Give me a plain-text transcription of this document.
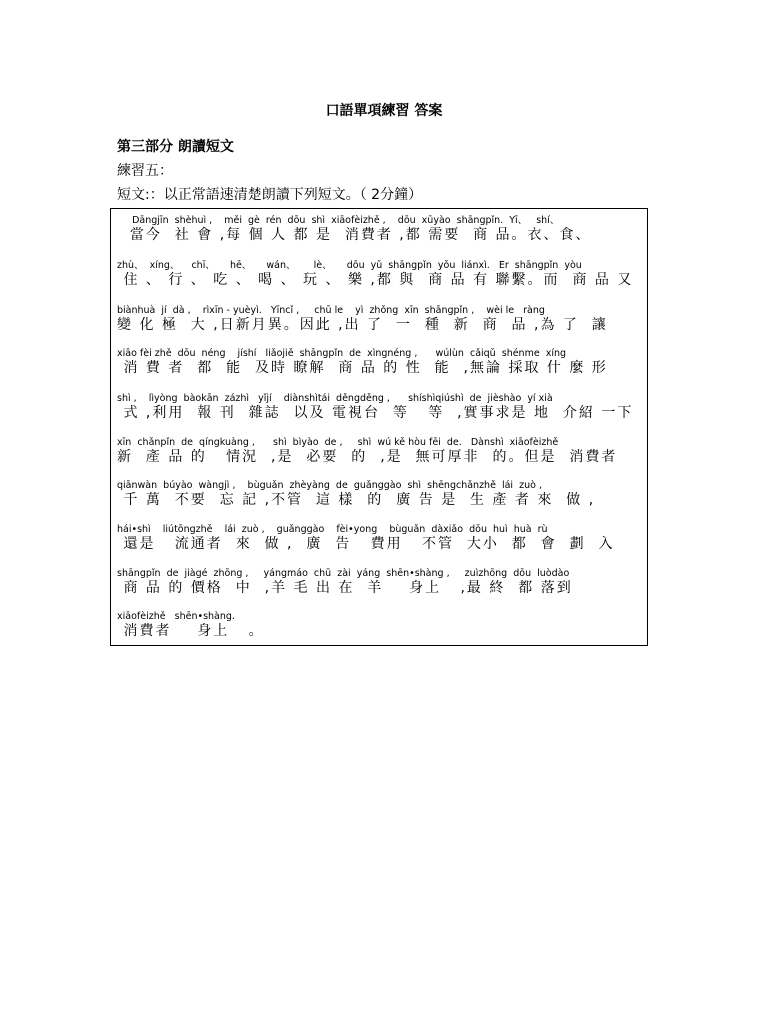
口語單項練習 答案
第三部分 朗讀短文
練習五：
短文:：以正常語速清楚朗讀下列短文。（ 2分鐘）
Dāngjīn  shèhuì ,    měi  gè  rén  dōu  shì  xiāofèizhě ,    dōu  xūyào  shāngpǐn.  Yī、   shí、
當今  社 會 ,每 個 人 都 是  消費者 ,都 需要  商 品。衣、食、
zhù、  xíng、    chī、     hē、     wán、      lè、     dōu  yǔ  shāngpǐn  yǒu  liánxì.   Ér  shāngpǐn  yòu
住 、 行 、 吃 、 喝 、 玩 、 樂 ,都 與  商 品 有 聯繫。而  商 品 又
biànhuà  jí  dà ,    rìxīn - yuèyì.   Yīncǐ ,     chū le    yì  zhǒng  xīn  shāngpǐn ,    wèi le   ràng
變 化 極  大 ,日新月異。因此 ,出 了  一  種  新  商  品 ,為 了  讓
xiāo fèi zhě  dōu  néng    jíshí   liǎojiě  shāngpǐn  de  xìngnéng ,      wúlùn  cǎiqǔ  shénme  xíng
消 費 者  都  能  及時 瞭解  商 品 的 性  能  ,無論 採取 什 麼 形
shì ,    lìyòng  bàokān  zázhì   yǐjí    diànshìtái  děngděng ,      shíshìqiúshì  de  jièshào  yí xià
式 ,利用  報 刊  雜誌  以及 電視台  等   等  ,實事求是 地  介紹 一下
xīn  chǎnpǐn  de  qíngkuàng ,      shì  bìyào  de ,     shì  wú kě hòu fēi  de.   Dànshì  xiāofèizhě
新  產 品 的   情況  ,是  必要  的  ,是  無可厚非  的。但是  消費者
qiānwàn  búyào  wàngjì ,    bùguǎn  zhèyàng  de  guǎnggào  shì  shēngchǎnzhě  lái  zuò ,
千 萬  不要  忘 記 ,不管  這 樣  的  廣 告 是  生 產 者 來  做 ,
hái•shì    liútōngzhě    lái  zuò ,    guǎnggào    fèi•yong    bùguǎn  dàxiǎo  dōu  huì  huà  rù
還是   流通者  來  做 ,  廣  告   費用   不管  大小  都  會  劃  入
shāngpǐn  de  jiàgé  zhōng ,     yángmáo  chū  zài  yáng  shēn•shàng ,     zuìzhōng  dōu  luòdào
商 品 的 價格  中  ,羊 毛 出 在  羊    身上   ,最 終  都 落到
xiāofèizhě   shēn•shàng.
消費者    身上   。
